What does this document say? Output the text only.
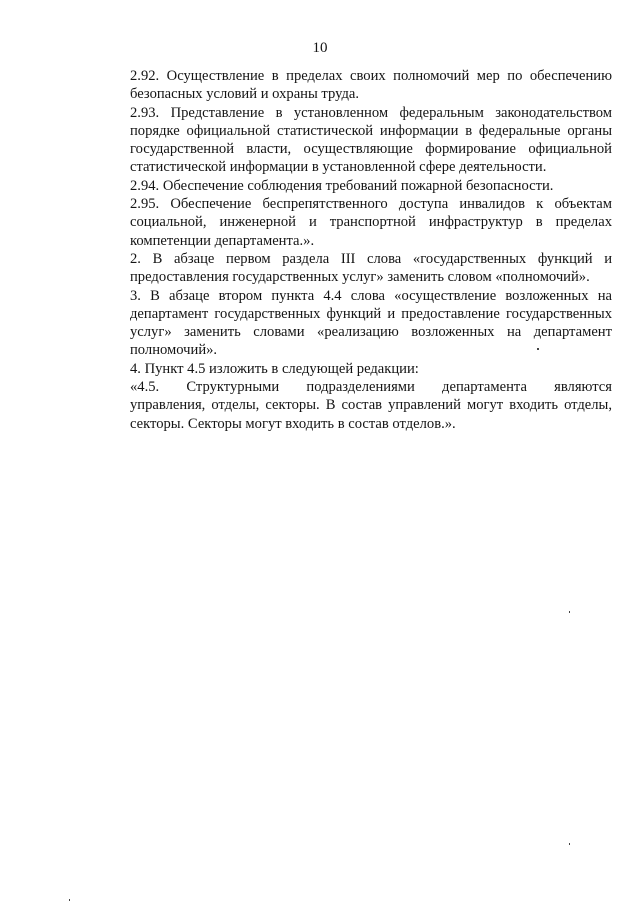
10
2.92. Осуществление в пределах своих полномочий мер по обеспечению
безопасных условий и охраны труда.
2.93. Представление в установленном федеральным законодательством
порядке официальной статистической информации в федеральные органы
государственной власти, осуществляющие формирование официальной
статистической информации в установленной сфере деятельности.
2.94. Обеспечение соблюдения требований пожарной безопасности.
2.95. Обеспечение беспрепятственного доступа инвалидов к объектам
социальной, инженерной и транспортной инфраструктур в пределах
компетенции департамента.».
2. В абзаце первом раздела III слова «государственных функций и
предоставления государственных услуг» заменить словом «полномочий».
3. В абзаце втором пункта 4.4 слова «осуществление возложенных на
департамент государственных функций и предоставление государственных
услуг» заменить словами «реализацию возложенных на департамент
полномочий».
4. Пункт 4.5 изложить в следующей редакции:
«4.5. Структурными подразделениями департамента являются
управления, отделы, секторы. В состав управлений могут входить отделы,
секторы. Секторы могут входить в состав отделов.».
